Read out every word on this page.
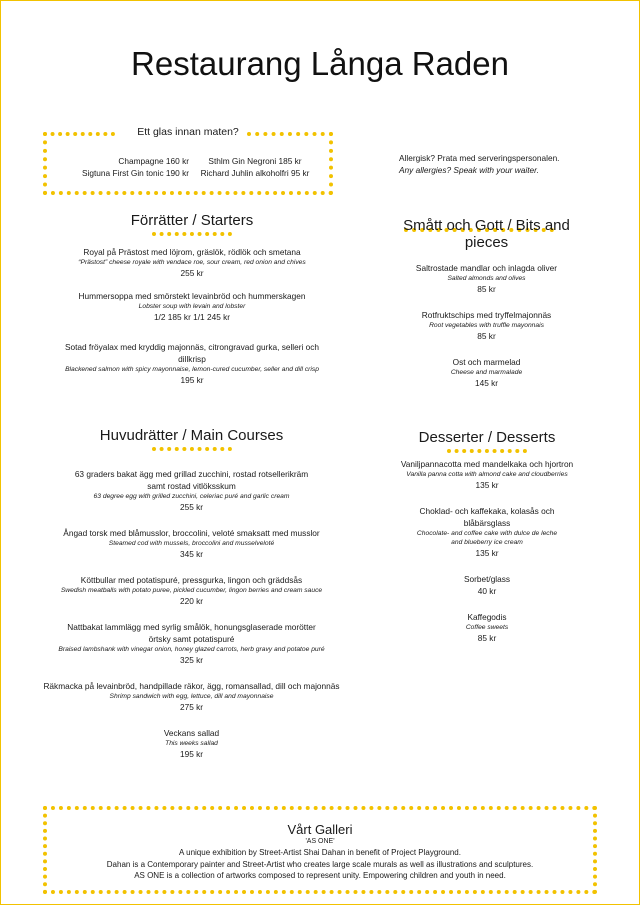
Restaurang Långa Raden
Ett glas innan maten?
Champagne 160 kr
Sigtuna First Gin tonic 190 kr
Sthlm Gin Negroni 185 kr
Richard Juhlin alkoholfri 95 kr
Allergisk? Prata med serveringspersonalen.
Any allergies? Speak with your waiter.
Förrätter / Starters
Royal på Prästost med löjrom, gräslök, rödlök och smetana
“Prästost” cheese royale with vendace roe, sour cream, red onion and chives
255 kr
Hummersoppa med smörstekt levainbröd och hummerskagen
Lobster soup with levain and lobster
1/2 185 kr 1/1 245 kr
Sotad fröyalax med kryddig majonnäs, citrongravad gurka, selleri och dillkrisp
Blackened salmon with spicy mayonnaise, lemon-cured cucumber, seller and dill crisp
195 kr
Smått och Gott / Bits and pieces
Saltrostade mandlar och inlagda oliver
Salted almonds and olives
85 kr
Rotfruktschips med tryffelmajonnäs
Root vegetables with truffle mayonnais
85 kr
Ost och marmelad
Cheese and marmalade
145 kr
Huvudrätter / Main Courses
63 graders bakat ägg med grillad zucchini, rostad rotsellerikräm samt rostad vitlöksskum
63 degree egg with grilled zucchini, celeriac puré and garlic cream
255 kr
Ångad torsk med blåmusslor, broccolini, veloté smaksatt med musslor
Steamed cod with mussels, broccolini and musselveloté
345 kr
Köttbullar med potatispuré, pressgurka, lingon och gräddsås
Swedish meatballs with potato puree, pickled cucumber, lingon berries and cream sauce
220 kr
Nattbakat lammlägg med syrlig smålök, honungsglaserade morötter örtsky samt potatispuré
Braised lambshank with vinegar onion, honey glazed carrots, herb gravy and potatoe puré
325 kr
Räkmacka på levainbröd, handpillade räkor, ägg, romansallad, dill och majonnäs
Shrimp sandwich with egg, lettuce, dill and mayonnaise
275 kr
Veckans sallad
This weeks sallad
195 kr
Desserter / Desserts
Vaniljpannacotta med mandelkaka och hjortron
Vanilla panna cotta with almond cake and cloudberries
135 kr
Choklad- och kaffekaka, kolasås och blåbärsglass
Chocolate- and coffee cake with dulce de leche and blueberry ice cream
135 kr
Sorbet/glass
40 kr
Kaffegodis
Coffee sweets
85 kr
Vårt Galleri
'AS ONE'
A unique exhibition by Street-Artist Shai Dahan in benefit of Project Playground.
Dahan is a Contemporary painter and Street-Artist who creates large scale murals as well as illustrations and sculptures.
AS ONE is a collection of artworks composed to represent unity. Empowering children and youth in need.
